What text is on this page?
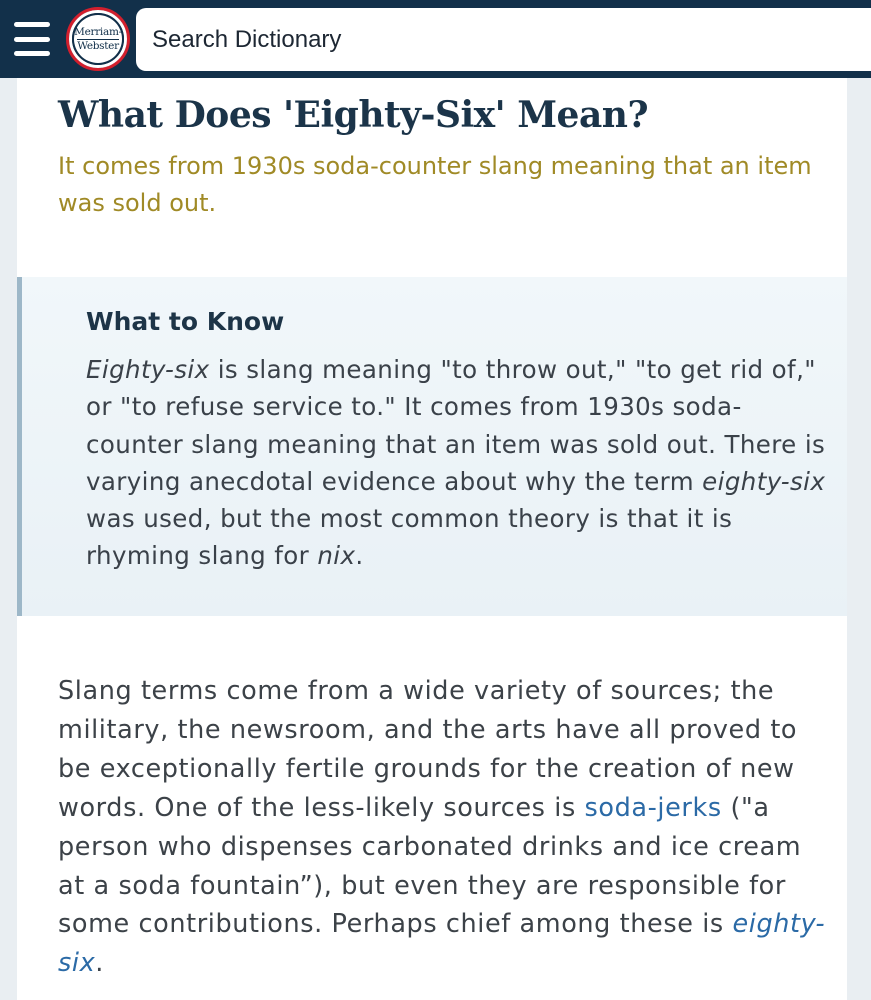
Merriam-
Webster	Search Dictionary
What Does 'Eighty-Six' Mean?

It comes from 1930s soda-counter slang meaning that an item was sold out.

What to Know

Eighty-six is slang meaning "to throw out," "to get rid of," or "to refuse service to." It comes from 1930s soda-counter slang meaning that an item was sold out. There is varying anecdotal evidence about why the term eighty-six was used, but the most common theory is that it is rhyming slang for nix.

Slang terms come from a wide variety of sources; the military, the newsroom, and the arts have all proved to be exceptionally fertile grounds for the creation of new words. One of the less-likely sources is soda-jerks ("a person who dispenses carbonated drinks and ice cream at a soda fountain”), but even they are responsible for some contributions. Perhaps chief among these is eighty-six.
